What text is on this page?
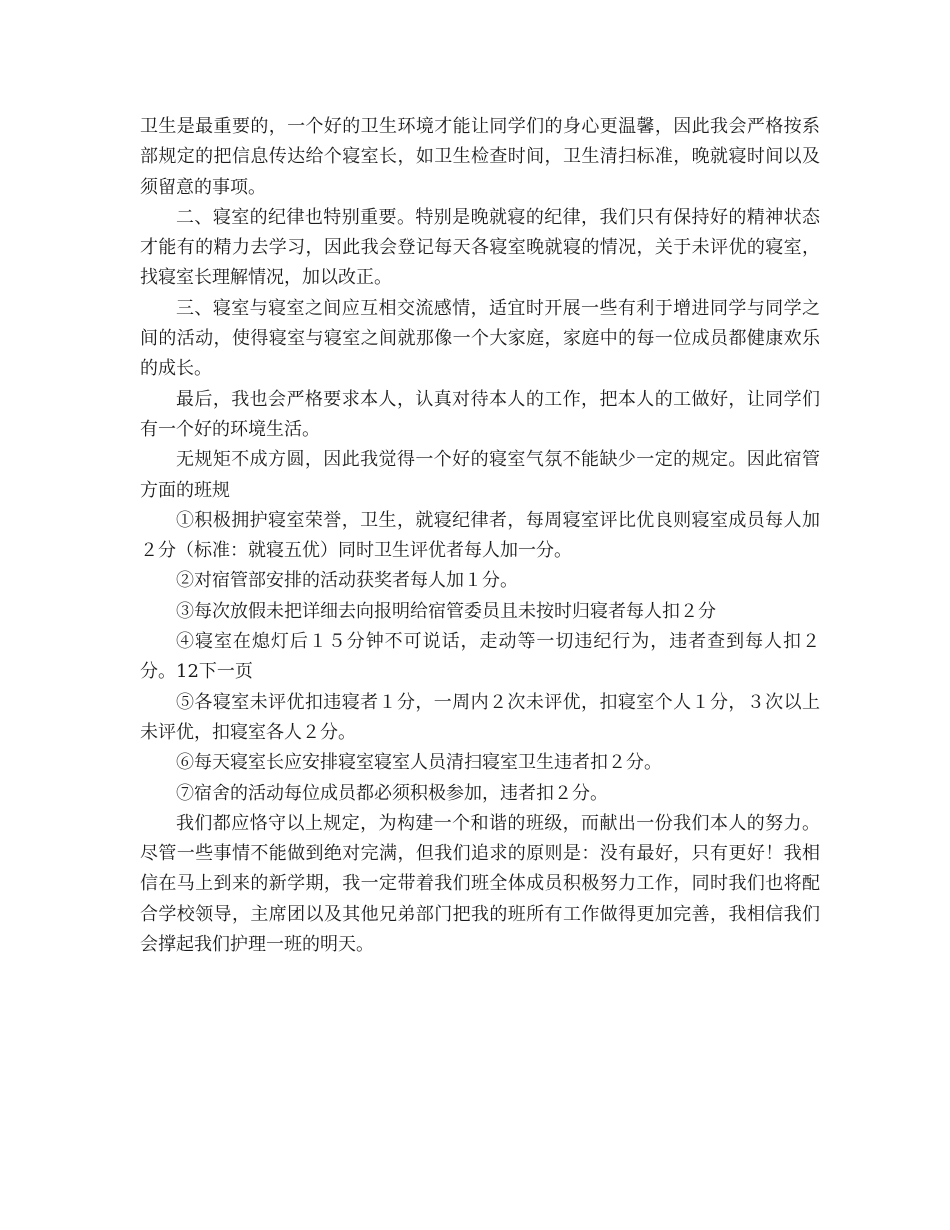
卫生是最重要的，一个好的卫生环境才能让同学们的身心更温馨，因此我会严格按系部规定的把信息传达给个寝室长，如卫生检查时间，卫生清扫标准，晚就寝时间以及须留意的事项。

二、寝室的纪律也特别重要。特别是晚就寝的纪律，我们只有保持好的精神状态才能有的精力去学习，因此我会登记每天各寝室晚就寝的情况，关于未评优的寝室，找寝室长理解情况，加以改正。

三、寝室与寝室之间应互相交流感情，适宜时开展一些有利于增进同学与同学之间的活动，使得寝室与寝室之间就那像一个大家庭，家庭中的每一位成员都健康欢乐的成长。

最后，我也会严格要求本人，认真对待本人的工作，把本人的工做好，让同学们有一个好的环境生活。

无规矩不成方圆，因此我觉得一个好的寝室气氛不能缺少一定的规定。因此宿管方面的班规

①积极拥护寝室荣誉，卫生，就寝纪律者，每周寝室评比优良则寝室成员每人加２分（标准：就寝五优）同时卫生评优者每人加一分。

②对宿管部安排的活动获奖者每人加１分。

③每次放假未把详细去向报明给宿管委员且未按时归寝者每人扣２分

④寝室在熄灯后１５分钟不可说话，走动等一切违纪行为，违者查到每人扣２分。12下一页

⑤各寝室未评优扣违寝者１分，一周内２次未评优，扣寝室个人１分，３次以上未评优，扣寝室各人２分。

⑥每天寝室长应安排寝室寝室人员清扫寝室卫生违者扣２分。

⑦宿舍的活动每位成员都必须积极参加，违者扣２分。

我们都应恪守以上规定，为构建一个和谐的班级，而献出一份我们本人的努力。尽管一些事情不能做到绝对完满，但我们追求的原则是：没有最好，只有更好！我相信在马上到来的新学期，我一定带着我们班全体成员积极努力工作，同时我们也将配合学校领导，主席团以及其他兄弟部门把我的班所有工作做得更加完善，我相信我们会撑起我们护理一班的明天。
